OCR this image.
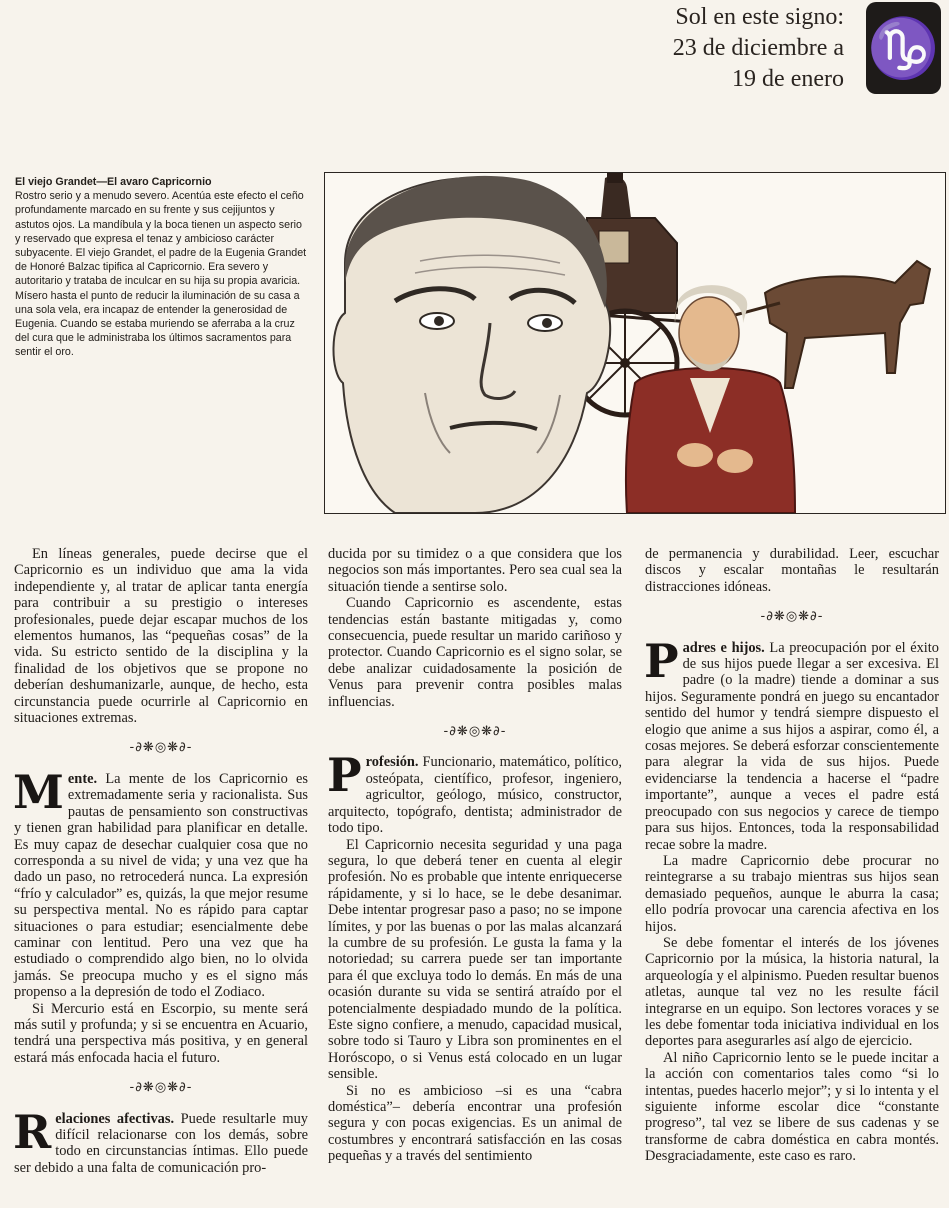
Sol en este signo:
23 de diciembre a
19 de enero ♑
El viejo Grandet—El avaro Capricornio
Rostro serio y a menudo severo. Acentúa este efecto el ceño profundamente marcado en su frente y sus cejijuntos y astutos ojos. La mandíbula y la boca tienen un aspecto serio y reservado que expresa el tenaz y ambicioso carácter subyacente. El viejo Grandet, el padre de la Eugenia Grandet de Honoré Balzac tipifica al Capricornio. Era severo y autoritario y trataba de inculcar en su hija su propia avaricia. Mísero hasta el punto de reducir la iluminación de su casa a una sola vela, era incapaz de entender la generosidad de Eugenia. Cuando se estaba muriendo se aferraba a la cruz del cura que le administraba los últimos sacramentos para sentir el oro.

En líneas generales, puede decirse que el Capricornio es un individuo que ama la vida independiente y, al tratar de aplicar tanta energía para contribuir a su prestigio o intereses profesionales, puede dejar escapar muchos de los elementos humanos, las “pequeñas cosas” de la vida. Su estricto sentido de la disciplina y la finalidad de los objetivos que se propone no deberían deshumanizarle, aunque, de hecho, esta circunstancia puede ocurrirle al Capricornio en situaciones extremas.

-∂❋◎❋∂-

Mente. La mente de los Capricornio es extremadamente seria y racionalista. Sus pautas de pensamiento son constructivas y tienen gran habilidad para planificar en detalle. Es muy capaz de desechar cualquier cosa que no corresponda a su nivel de vida; y una vez que ha dado un paso, no retrocederá nunca. La expresión “frío y calculador” es, quizás, la que mejor resume su perspectiva mental. No es rápido para captar situaciones o para estudiar; esencialmente debe caminar con lentitud. Pero una vez que ha estudiado o comprendido algo bien, no lo olvida jamás. Se preocupa mucho y es el signo más propenso a la depresión de todo el Zodiaco.

Si Mercurio está en Escorpio, su mente será más sutil y profunda; y si se encuentra en Acuario, tendrá una perspectiva más positiva, y en general estará más enfocada hacia el futuro.

-∂❋◎❋∂-

Relaciones afectivas. Puede resultarle muy difícil relacionarse con los demás, sobre todo en circunstancias íntimas. Ello puede ser debido a una falta de comunicación pro-

ducida por su timidez o a que considera que los negocios son más importantes. Pero sea cual sea la situación tiende a sentirse solo.

Cuando Capricornio es ascendente, estas tendencias están bastante mitigadas y, como consecuencia, puede resultar un marido cariñoso y protector. Cuando Capricornio es el signo solar, se debe analizar cuidadosamente la posición de Venus para prevenir contra posibles malas influencias.

-∂❋◎❋∂-

Profesión. Funcionario, matemático, político, osteópata, científico, profesor, ingeniero, agricultor, geólogo, músico, constructor, arquitecto, topógrafo, dentista; administrador de todo tipo.

El Capricornio necesita seguridad y una paga segura, lo que deberá tener en cuenta al elegir profesión. No es probable que intente enriquecerse rápidamente, y si lo hace, se le debe desanimar. Debe intentar progresar paso a paso; no se impone límites, y por las buenas o por las malas alcanzará la cumbre de su profesión. Le gusta la fama y la notoriedad; su carrera puede ser tan importante para él que excluya todo lo demás. En más de una ocasión durante su vida se sentirá atraído por el potencialmente despiadado mundo de la política. Este signo confiere, a menudo, capacidad musical, sobre todo si Tauro y Libra son prominentes en el Horóscopo, o si Venus está colocado en un lugar sensible.

Si no es ambicioso –si es una “cabra doméstica”– debería encontrar una profesión segura y con pocas exigencias. Es un animal de costumbres y encontrará satisfacción en las cosas pequeñas y a través del sentimiento

de permanencia y durabilidad. Leer, escuchar discos y escalar montañas le resultarán distracciones idóneas.

-∂❋◎❋∂-

Padres e hijos. La preocupación por el éxito de sus hijos puede llegar a ser excesiva. El padre (o la madre) tiende a dominar a sus hijos. Seguramente pondrá en juego su encantador sentido del humor y tendrá siempre dispuesto el elogio que anime a sus hijos a aspirar, como él, a cosas mejores. Se deberá esforzar conscientemente para alegrar la vida de sus hijos. Puede evidenciarse la tendencia a hacerse el “padre importante”, aunque a veces el padre está preocupado con sus negocios y carece de tiempo para sus hijos. Entonces, toda la responsabilidad recae sobre la madre.

La madre Capricornio debe procurar no reintegrarse a su trabajo mientras sus hijos sean demasiado pequeños, aunque le aburra la casa; ello podría provocar una carencia afectiva en los hijos.

Se debe fomentar el interés de los jóvenes Capricornio por la música, la historia natural, la arqueología y el alpinismo. Pueden resultar buenos atletas, aunque tal vez no les resulte fácil integrarse en un equipo. Son lectores voraces y se les debe fomentar toda iniciativa individual en los deportes para asegurarles así algo de ejercicio.

Al niño Capricornio lento se le puede incitar a la acción con comentarios tales como “si lo intentas, puedes hacerlo mejor”; y si lo intenta y el siguiente informe escolar dice “constante progreso”, tal vez se libere de sus cadenas y se transforme de cabra doméstica en cabra montés. Desgraciadamente, este caso es raro.
